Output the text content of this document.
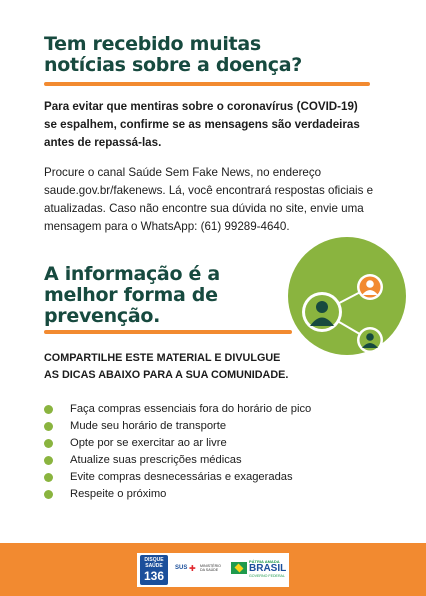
Tem recebido muitas
notícias sobre a doença?
Para evitar que mentiras sobre o coronavírus (COVID-19)
se espalhem, confirme se as mensagens são verdadeiras
antes de repassá-las.
Procure o canal Saúde Sem Fake News, no endereço
saude.gov.br/fakenews. Lá, você encontrará respostas oficiais e
atualizadas. Caso não encontre sua dúvida no site, envie uma
mensagem para o WhatsApp: (61) 99289-4640.
A informação é a
melhor forma de
prevenção.
COMPARTILHE ESTE MATERIAL E DIVULGUE
AS DICAS ABAIXO PARA A SUA COMUNIDADE.
Faça compras essenciais fora do horário de pico
Mude seu horário de transporte
Opte por se exercitar ao ar livre
Atualize suas prescrições médicas
Evite compras desnecessárias e exageradas
Respeite o próximo
DISQUE SAÚDE
136
SUS ✚ MINISTÉRIO DA SAÚDE
PÁTRIA AMADA
BRASIL
GOVERNO FEDERAL
